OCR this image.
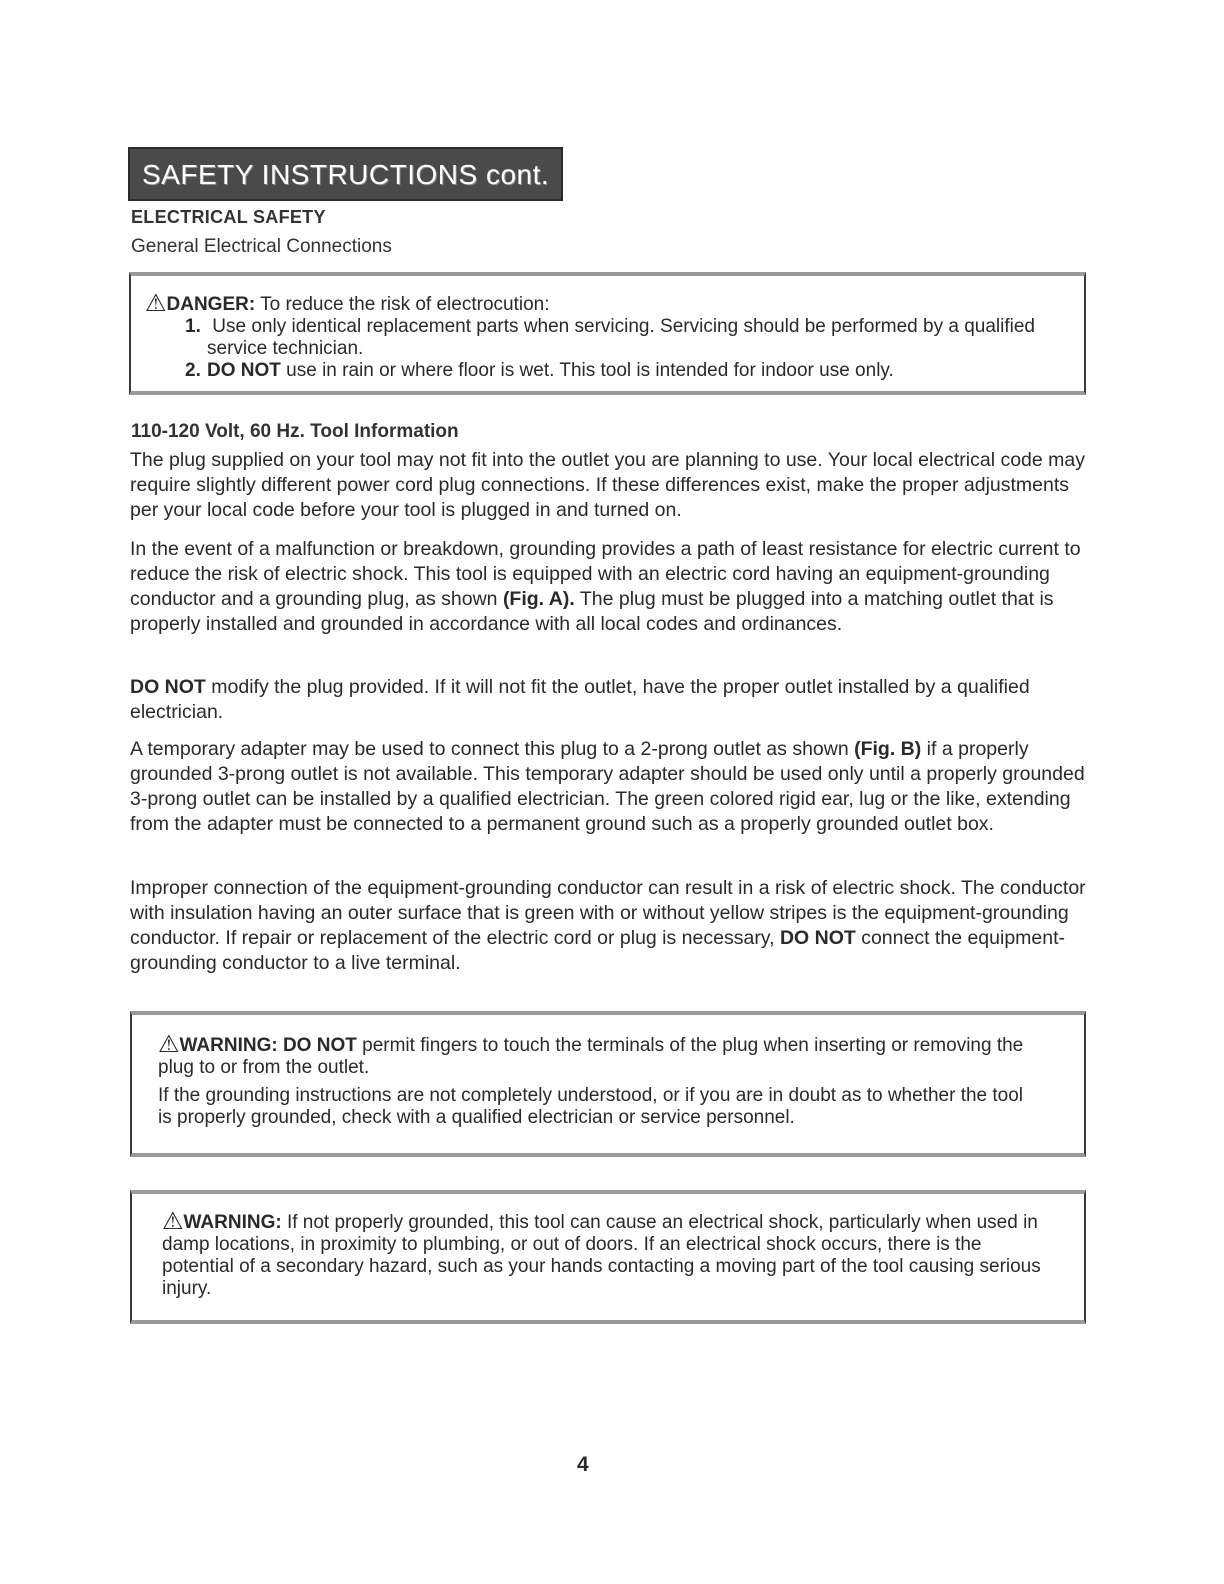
SAFETY INSTRUCTIONS cont.
ELECTRICAL SAFETY
General Electrical Connections

⚠DANGER: To reduce the risk of electrocution:

1. Use only identical replacement parts when servicing. Servicing should be performed by a qualified service technician.
2. DO NOT use in rain or where floor is wet. This tool is intended for indoor use only.
110-120 Volt, 60 Hz. Tool Information

The plug supplied on your tool may not fit into the outlet you are planning to use. Your local electrical code may require slightly different power cord plug connections. If these differences exist, make the proper adjustments per your local code before your tool is plugged in and turned on.

In the event of a malfunction or breakdown, grounding provides a path of least resistance for electric current to reduce the risk of electric shock. This tool is equipped with an electric cord having an equipment-grounding conductor and a grounding plug, as shown (Fig. A). The plug must be plugged into a matching outlet that is properly installed and grounded in accordance with all local codes and ordinances.

DO NOT modify the plug provided. If it will not fit the outlet, have the proper outlet installed by a qualified electrician.

A temporary adapter may be used to connect this plug to a 2-prong outlet as shown (Fig. B) if a properly grounded 3-prong outlet is not available. This temporary adapter should be used only until a properly grounded 3-prong outlet can be installed by a qualified electrician. The green colored rigid ear, lug or the like, extending from the adapter must be connected to a permanent ground such as a properly grounded outlet box.

Improper connection of the equipment-grounding conductor can result in a risk of electric shock. The conductor with insulation having an outer surface that is green with or without yellow stripes is the equipment-grounding conductor. If repair or replacement of the electric cord or plug is necessary, DO NOT connect the equipment-grounding conductor to a live terminal.

⚠WARNING: DO NOT permit fingers to touch the terminals of the plug when inserting or removing the plug to or from the outlet.

If the grounding instructions are not completely understood, or if you are in doubt as to whether the tool is properly grounded, check with a qualified electrician or service personnel.

⚠WARNING: If not properly grounded, this tool can cause an electrical shock, particularly when used in damp locations, in proximity to plumbing, or out of doors. If an electrical shock occurs, there is the potential of a secondary hazard, such as your hands contacting a moving part of the tool causing serious injury.

4
